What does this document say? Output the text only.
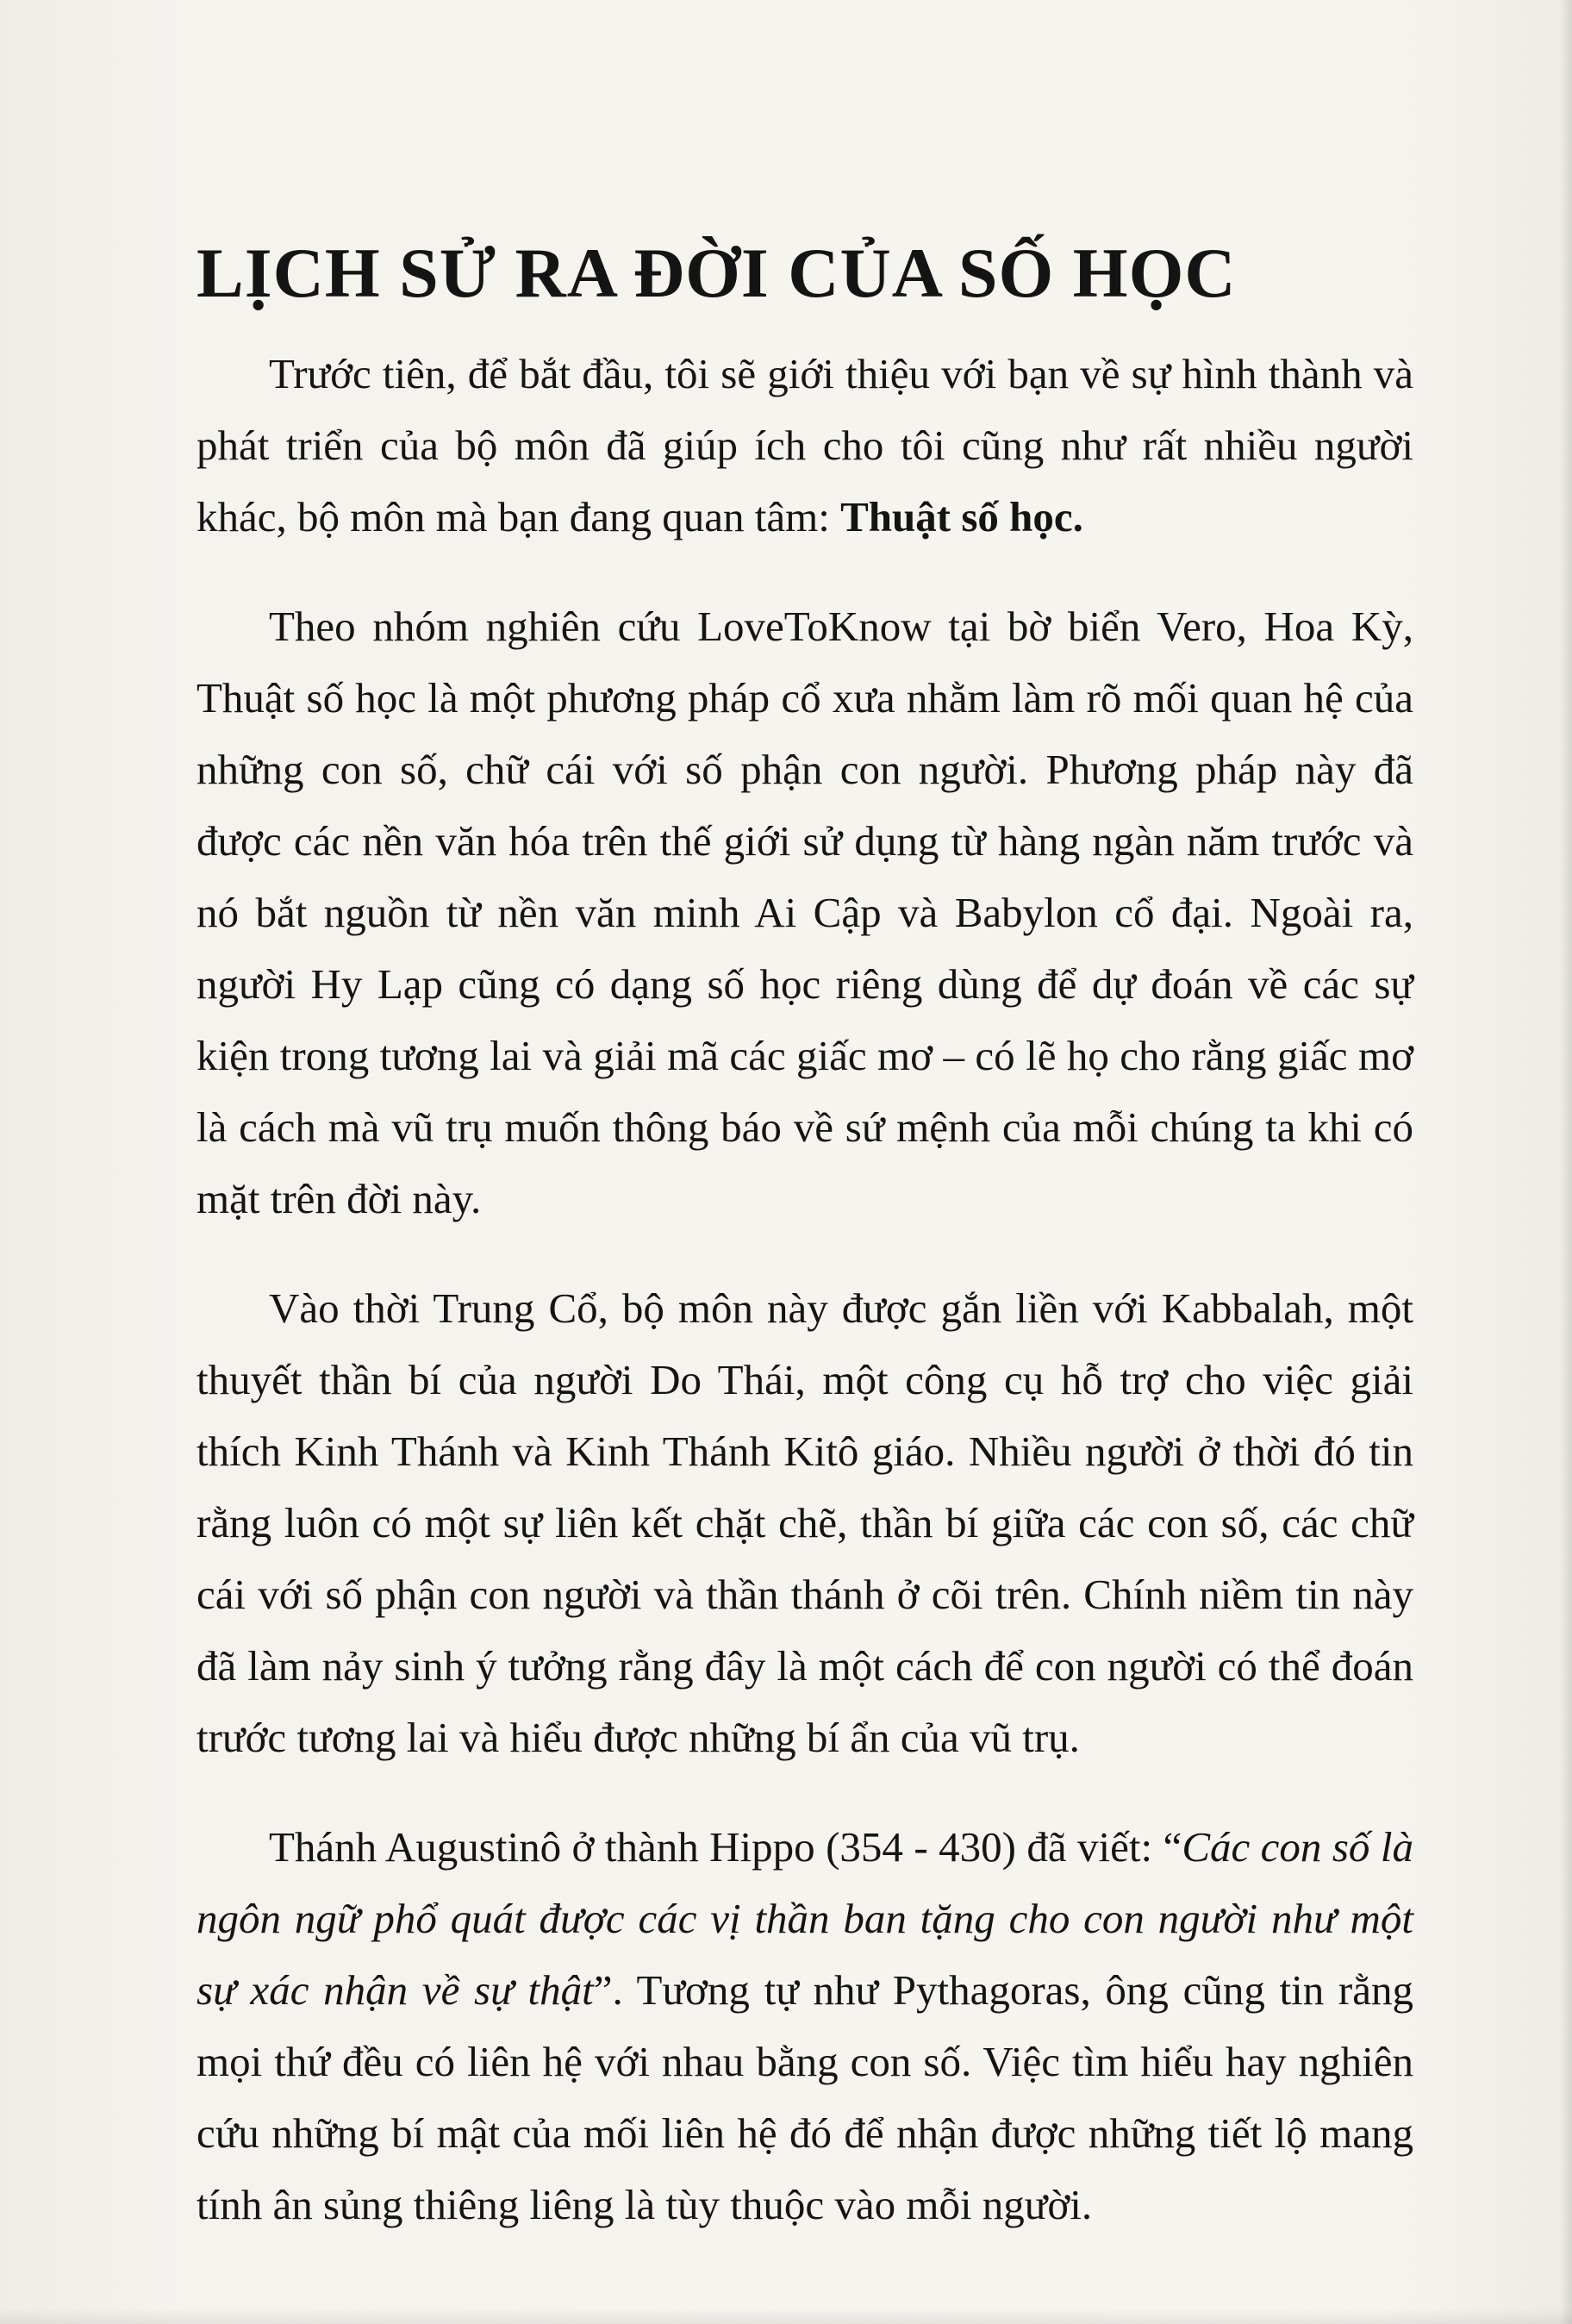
LỊCH SỬ RA ĐỜI CỦA SỐ HỌC

Trước tiên, để bắt đầu, tôi sẽ giới thiệu với bạn về sự hình thành và phát triển của bộ môn đã giúp ích cho tôi cũng như rất nhiều người khác, bộ môn mà bạn đang quan tâm: Thuật số học.

Theo nhóm nghiên cứu LoveToKnow tại bờ biển Vero, Hoa Kỳ, Thuật số học là một phương pháp cổ xưa nhằm làm rõ mối quan hệ của những con số, chữ cái với số phận con người. Phương pháp này đã được các nền văn hóa trên thế giới sử dụng từ hàng ngàn năm trước và nó bắt nguồn từ nền văn minh Ai Cập và Babylon cổ đại. Ngoài ra, người Hy Lạp cũng có dạng số học riêng dùng để dự đoán về các sự kiện trong tương lai và giải mã các giấc mơ – có lẽ họ cho rằng giấc mơ là cách mà vũ trụ muốn thông báo về sứ mệnh của mỗi chúng ta khi có mặt trên đời này.

Vào thời Trung Cổ, bộ môn này được gắn liền với Kabbalah, một thuyết thần bí của người Do Thái, một công cụ hỗ trợ cho việc giải thích Kinh Thánh và Kinh Thánh Kitô giáo. Nhiều người ở thời đó tin rằng luôn có một sự liên kết chặt chẽ, thần bí giữa các con số, các chữ cái với số phận con người và thần thánh ở cõi trên. Chính niềm tin này đã làm nảy sinh ý tưởng rằng đây là một cách để con người có thể đoán trước tương lai và hiểu được những bí ẩn của vũ trụ.

Thánh Augustinô ở thành Hippo (354 - 430) đã viết: “Các con số là ngôn ngữ phổ quát được các vị thần ban tặng cho con người như một sự xác nhận về sự thật”. Tương tự như Pythagoras, ông cũng tin rằng mọi thứ đều có liên hệ với nhau bằng con số. Việc tìm hiểu hay nghiên cứu những bí mật của mối liên hệ đó để nhận được những tiết lộ mang tính ân sủng thiêng liêng là tùy thuộc vào mỗi người.
